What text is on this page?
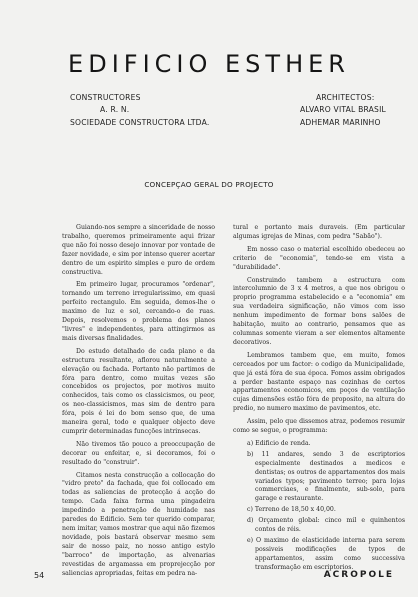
EDIFICIO ESTHER
CONSTRUCTORES
A. R. N.
SOCIEDADE CONSTRUCTORA LTDA.
ARCHITECTOS:
ALVARO VITAL BRASIL
ADHEMAR MARINHO
CONCEPÇAO GERAL DO PROJECTO

Guiando-nos sempre a sinceridade de nosso trabalho, queremos primeiramente aqui frizar que não foi nosso desejo innovar por vontade de fazer novidade, e sim por intenso querer acertar dentro de um espirito simples e puro de ordem constructiva.

Em primeiro lugar, procuramos "ordenar", tornando um terreno irregularissimo, em quasi perfeito rectangulo. Em seguida, demos-lhe o maximo de luz e sol, cercando-o de ruas. Depois, resolvemos o problema dos planos "livres" e independentes, para attingirmos as mais diversas finalidades.

Do estudo detalhado de cada plano e da estructura resultante, aflorou naturalmente a elevação ou fachada. Portanto não partimos de fóra para dentro, como muitas vezes são concebidos os projectos, por motivos muito conhecidos, tais como os classicismos, ou peor, os neo-classicismos, mas sim de dentro para fóra, pois é lei do bom senso que, de uma maneira geral, todo e qualquer objecto deve cumprir determinadas funcções intrinsecas.

Não tivemos tão pouco a preoccupação de decorar ou enfeitar, e, si decoramos, foi o resultado do "construir".

Citamos nesta construcção a collocação do "vidro preto" da fachada, que foi collocado em todas as saliencias de protecção á acção do tempo. Cada faixa forma uma pingadeira impedindo a penetração de humidade nas paredes do Edificio. Sem ter querido comparar, nem imitar, vamos mostrar que aqui não fizemos novidade, pois bastará observar mesmo sem sair de nosso paiz, no nosso antigo estylo "barroco" de importação, as alvenarias revestidas de argamassa em proprejecção por saliencias apropriadas, feitas em pedra na-

tural e portanto mais duraveis. (Em particular algumas igrejas de Minas, com pedra "Sabão").

Em nosso caso o material escolhido obedeceu ao criterio de "economia", tendo-se em vista a "durabilidade".

Construindo tambem a estructura com intercolumnio de 3 x 4 metros, a que nos obrigou o proprio programma estabelecido e a "economia" em sua verdadeira significação, não vimos com isso nenhum impedimento de formar bons salões de habitação, muito ao contrario, pensamos que as columnas somente vieram a ser elementos altamente decorativos.

Lembramos tambem que, em muito, fomos cerceados por um factor: o codigo da Municipalidade, que já está fóra de sua época. Fomos assim obrigados a perder bastante espaço nas cozinhas de certos appartamentos economicos, em poços de ventilação cujas dimensões estão fóra de proposito, na altura do predio, no numero maximo de pavimentos, etc.

Assim, pelo que dissemos atraz, podemos resumir como se segue, o programma:

a) Edificio de renda.
b) 11 andares, sendo 3 de escriptorios especialmente destinados a medicos e dentistas; os outros de appartamentos dos mais variados typos; pavimento terreo; para lojas commerciaes, e finalmente, sub-solo, para garage e restaurante.
c) Terreno de 18,50 x 40,00.
d) Orçamento global: cinco mil e quinhentos contos de réis.
e) O maximo de elasticidade interna para serem possiveis modificações de typos de appartamentos, assim como successiva transformação em escriptorios.
54	ACROPOLE
